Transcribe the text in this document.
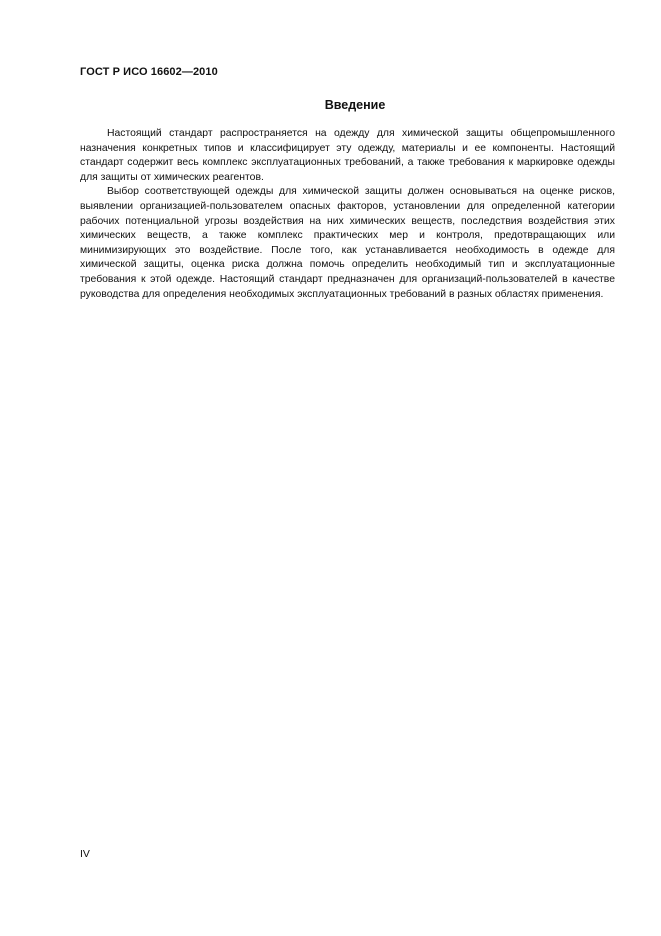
ГОСТ Р ИСО 16602—2010
Введение

Настоящий стандарт распространяется на одежду для химической защиты общепромышленного назначения конкретных типов и классифицирует эту одежду, материалы и ее компоненты. Настоящий стандарт содержит весь комплекс эксплуатационных требований, а также требования к маркировке одежды для защиты от химических реагентов.

Выбор соответствующей одежды для химической защиты должен основываться на оценке рисков, выявлении организацией-пользователем опасных факторов, установлении для определенной категории рабочих потенциальной угрозы воздействия на них химических веществ, последствия воздействия этих химических веществ, а также комплекс практических мер и контроля, предотвращающих или минимизирующих это воздействие. После того, как устанавливается необходимость в одежде для химической защиты, оценка риска должна помочь определить необходимый тип и эксплуатационные требования к этой одежде. Настоящий стандарт предназначен для организаций-пользователей в качестве руководства для определения необходимых эксплуатационных требований в разных областях применения.

IV
